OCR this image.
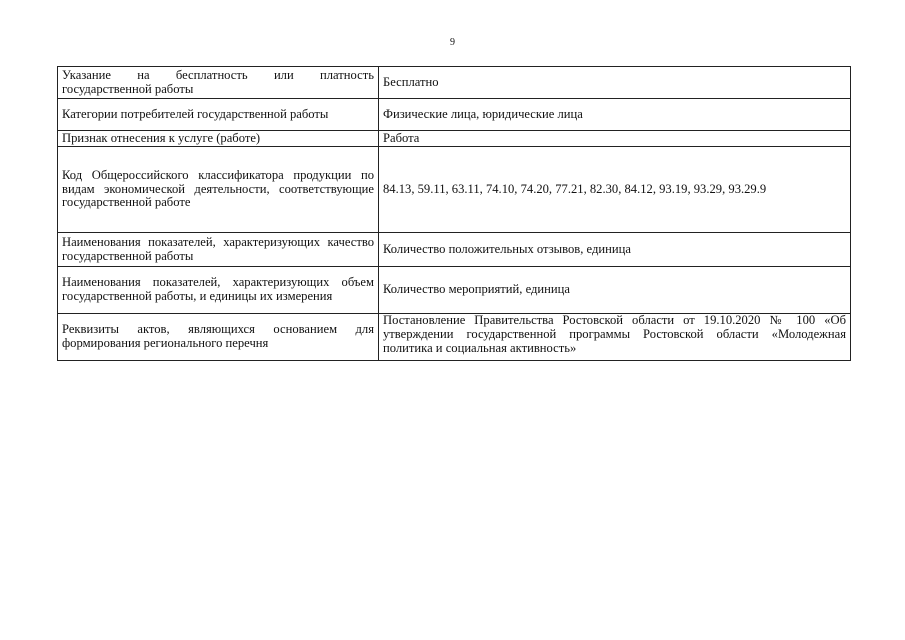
9
Указание на бесплатность или платность государственной работы	Бесплатно
Категории потребителей государственной работы	Физические лица, юридические лица
Признак отнесения к услуге (работе)	Работа
Код Общероссийского классификатора продукции по видам экономической деятельности, соответствующие государственной работе	84.13, 59.11, 63.11, 74.10, 74.20, 77.21, 82.30, 84.12, 93.19, 93.29, 93.29.9
Наименования показателей, характеризующих качество государственной работы	Количество положительных отзывов, единица
Наименования показателей, характеризующих объем государственной работы, и единицы их измерения	Количество мероприятий, единица
Реквизиты актов, являющихся основанием для формирования регионального перечня	Постановление Правительства Ростовской области от 19.10.2020 № 100 «Об утверждении государственной программы Ростовской области «Молодежная политика и социальная активность»
